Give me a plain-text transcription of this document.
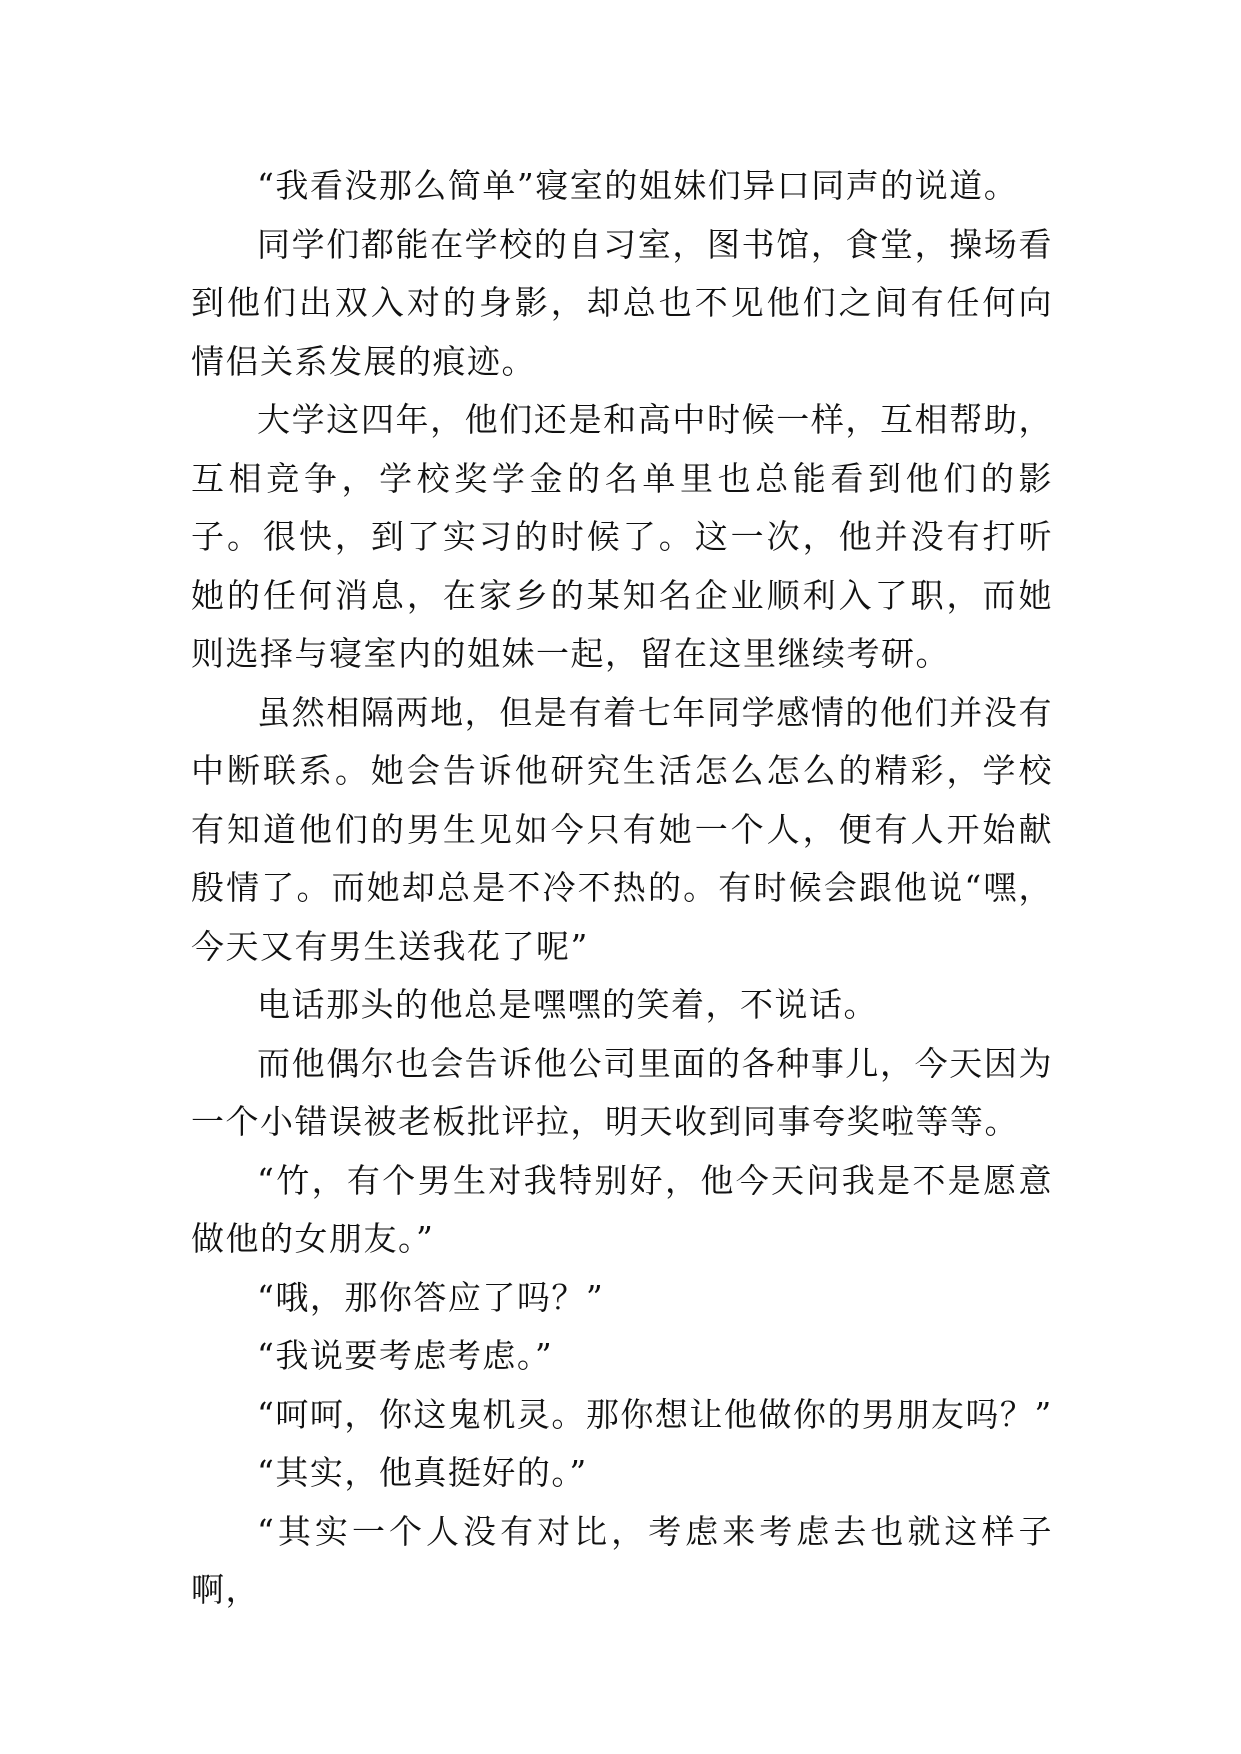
“我看没那么简单”寝室的姐妹们异口同声的说道。

同学们都能在学校的自习室，图书馆，食堂，操场看到他们出双入对的身影，却总也不见他们之间有任何向情侣关系发展的痕迹。

大学这四年，他们还是和高中时候一样，互相帮助，互相竞争，学校奖学金的名单里也总能看到他们的影子。很快，到了实习的时候了。这一次，他并没有打听她的任何消息，在家乡的某知名企业顺利入了职，而她则选择与寝室内的姐妹一起，留在这里继续考研。

虽然相隔两地，但是有着七年同学感情的他们并没有中断联系。她会告诉他研究生活怎么怎么的精彩，学校有知道他们的男生见如今只有她一个人，便有人开始献殷情了。而她却总是不冷不热的。有时候会跟他说“嘿，今天又有男生送我花了呢”

电话那头的他总是嘿嘿的笑着，不说话。

而他偶尔也会告诉他公司里面的各种事儿，今天因为一个小错误被老板批评拉，明天收到同事夸奖啦等等。

“竹，有个男生对我特别好，他今天问我是不是愿意做他的女朋友。”

“哦，那你答应了吗？”

“我说要考虑考虑。”

“呵呵，你这鬼机灵。那你想让他做你的男朋友吗？”

“其实，他真挺好的。”

“其实一个人没有对比，考虑来考虑去也就这样子啊，
